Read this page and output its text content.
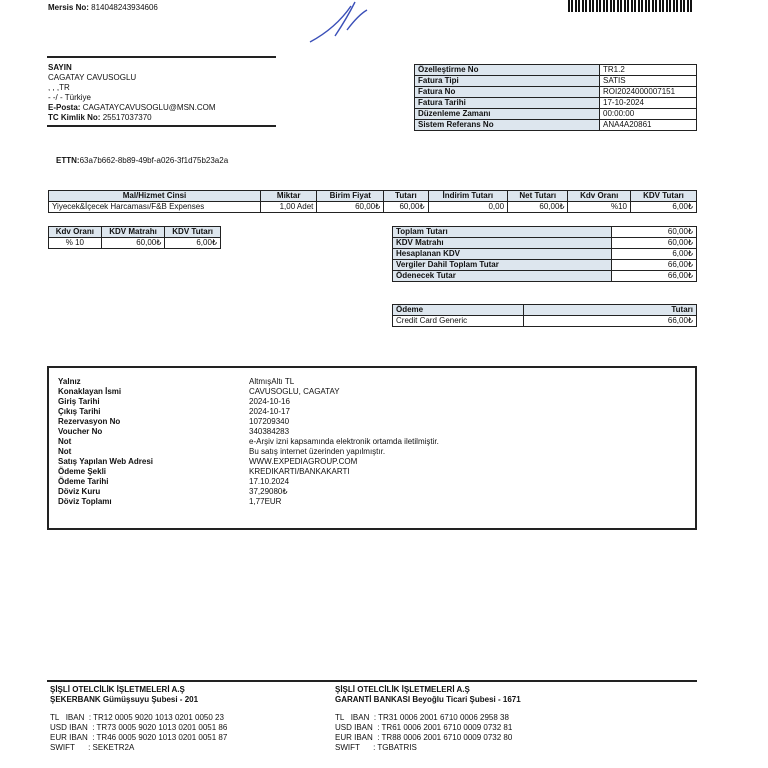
Mersis No: 814048243934606
SAYIN
CAGATAY CAVUSOGLU
, , ,TR
- -/ - Türkiye
E-Posta: CAGATAYCAVUSOGLU@MSN.COM
TC Kimlik No: 25517037370
Özelleştirme No	TR1.2
Fatura Tipi	SATIS
Fatura No	ROI2024000007151
Fatura Tarihi	17-10-2024
Düzenleme Zamanı	00:00:00
Sistem Referans No	ANA4A20861
ETTN:63a7b662-8b89-49bf-a026-3f1d75b23a2a
Mal/Hizmet Cinsi	Miktar	Birim Fiyat	Tutarı	İndirim Tutarı	Net Tutarı	Kdv Oranı	KDV Tutarı
Yiyecek&İçecek Harcaması/F&B Expenses	1,00 Adet	60,00₺	60,00₺	0,00	60,00₺	%10	6,00₺
Kdv Oranı	KDV Matrahı	KDV Tutarı
% 10	60,00₺	6,00₺
Toplam Tutarı	60,00₺
KDV Matrahı	60,00₺
Hesaplanan KDV	6,00₺
Vergiler Dahil Toplam Tutar	66,00₺
Ödenecek Tutar	66,00₺
Ödeme	Tutarı
Credit Card Generic	66,00₺
Yalnız	AltmışAltı TL
Konaklayan İsmi	CAVUSOGLU, CAGATAY
Giriş Tarihi	2024-10-16
Çıkış Tarihi	2024-10-17
Rezervasyon No	107209340
Voucher No	340384283
Not	e-Arşiv izni kapsamında elektronik ortamda iletilmiştir.
Not	Bu satış internet üzerinden yapılmıştır.
Satış Yapılan Web Adresi	WWW.EXPEDIAGROUP.COM
Ödeme Şekli	KREDIKARTI/BANKAKARTI
Ödeme Tarihi	17.10.2024
Döviz Kuru	37,29080₺
Döviz Toplamı	1,77EUR
ŞİŞLİ OTELCİLİK İŞLETMELERİ A.Ş
ŞEKERBANK Gümüşsuyu Şubesi - 201
TL   IBAN  : TR12 0005 9020 1013 0201 0050 23
USD IBAN  : TR73 0005 9020 1013 0201 0051 86
EUR IBAN  : TR46 0005 9020 1013 0201 0051 87
SWIFT      : SEKETR2A
ŞİŞLİ OTELCİLİK İŞLETMELERİ A.Ş
GARANTİ BANKASI Beyoğlu Ticari Şubesi - 1671
TL   IBAN  : TR31 0006 2001 6710 0006 2958 38
USD IBAN  : TR61 0006 2001 6710 0009 0732 81
EUR IBAN  : TR88 0006 2001 6710 0009 0732 80
SWIFT      : TGBATRIS
